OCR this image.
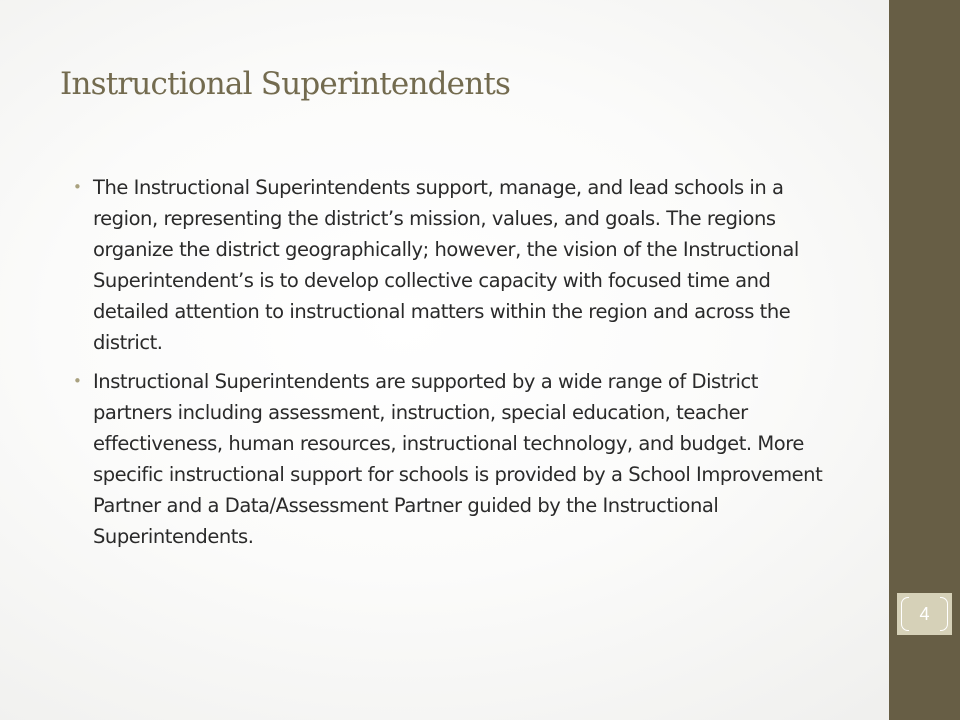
Instructional Superintendents
• The Instructional Superintendents support, manage, and lead schools in a region, representing the district’s mission, values, and goals. The regions organize the district geographically; however, the vision of the Instructional Superintendent’s is to develop collective capacity with focused time and detailed attention to instructional matters within the region and across the district.
• Instructional Superintendents are supported by a wide range of District partners including assessment, instruction, special education, teacher effectiveness, human resources, instructional technology, and budget. More specific instructional support for schools is provided by a School Improvement Partner and a Data/Assessment Partner guided by the Instructional Superintendents.
4
